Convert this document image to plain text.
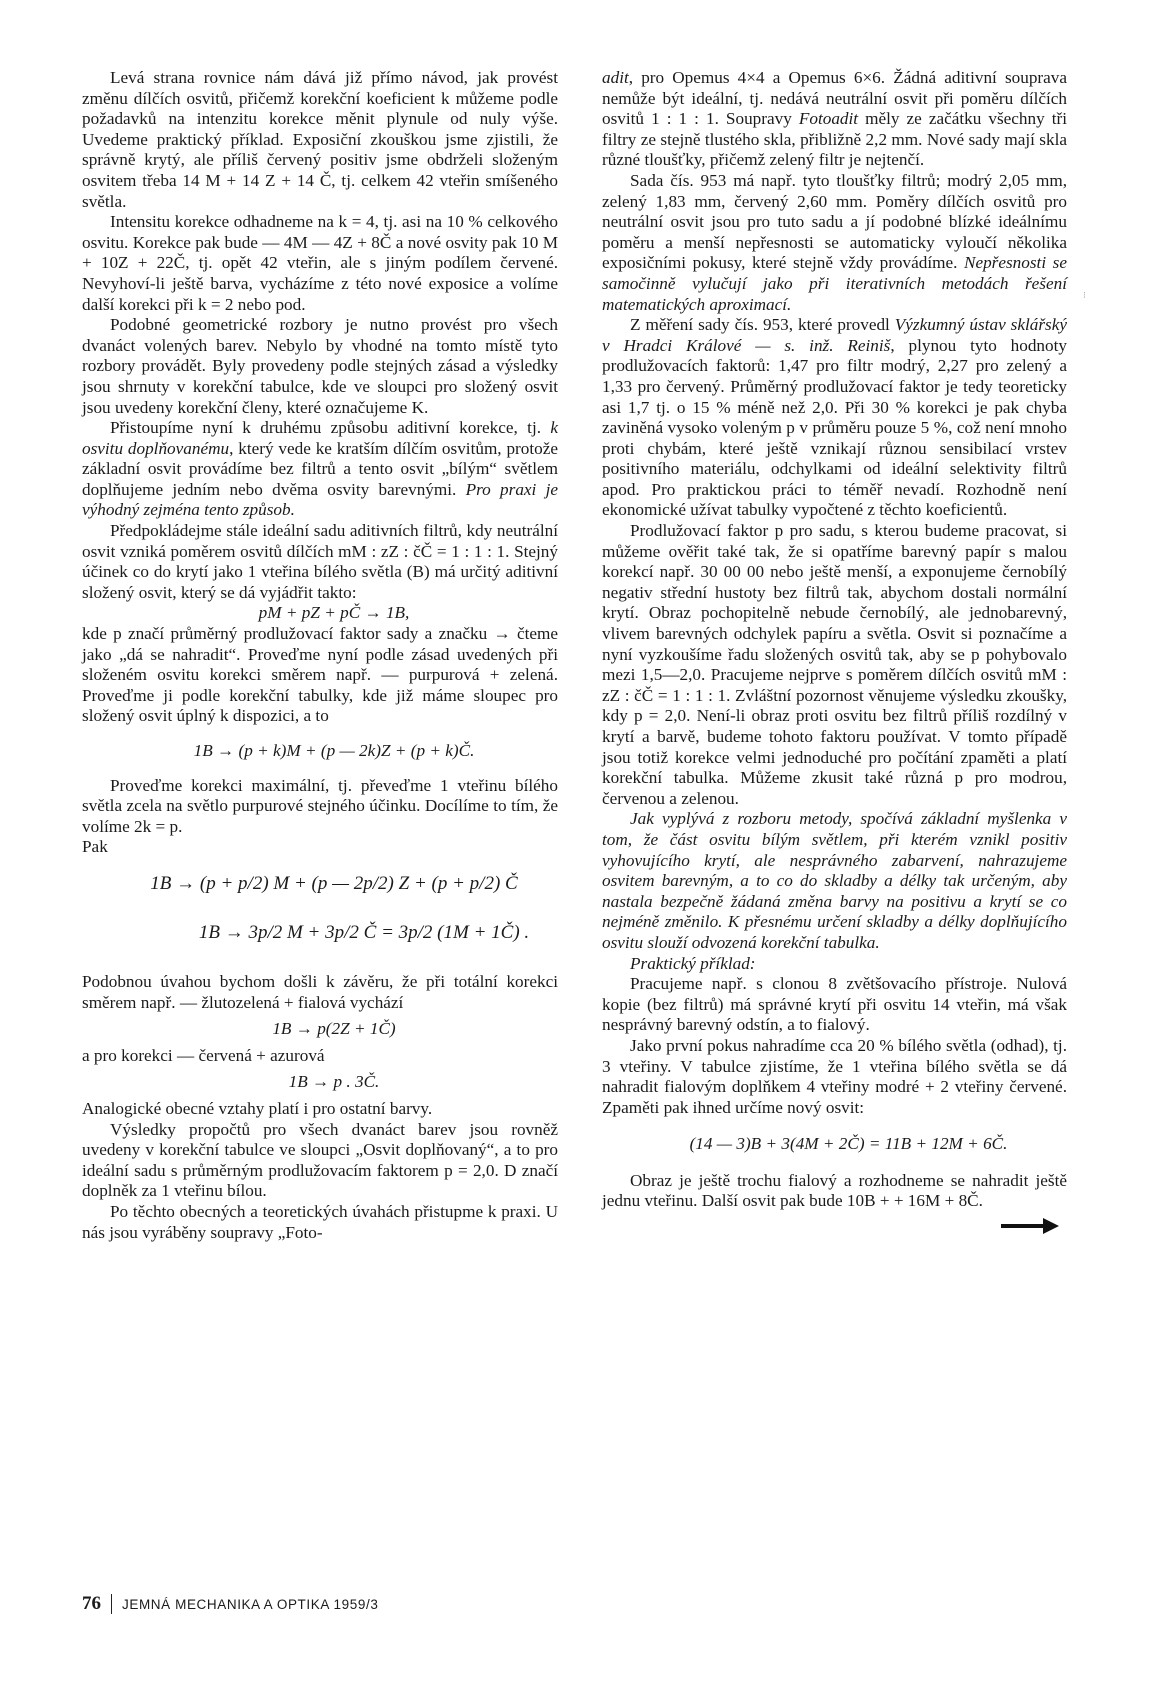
Levá strana rovnice nám dává již přímo návod, jak provést změnu dílčích osvitů, přičemž korekční koeficient k můžeme podle požadavků na intenzitu korekce měnit plynule od nuly výše. Uvedeme praktický příklad. Exposiční zkouškou jsme zjistili, že správně krytý, ale příliš červený positiv jsme obdrželi složeným osvitem třeba 14 M + 14 Z + 14 Č, tj. celkem 42 vteřin smíšeného světla.

Intensitu korekce odhadneme na k = 4, tj. asi na 10 % celkového osvitu. Korekce pak bude — 4M — 4Z + 8Č a nové osvity pak 10 M + 10Z + 22Č, tj. opět 42 vteřin, ale s jiným podílem červené. Nevyhoví-li ještě barva, vycházíme z této nové exposice a volíme další korekci při k = 2 nebo pod.

Podobné geometrické rozbory je nutno provést pro všech dvanáct volených barev. Nebylo by vhodné na tomto místě tyto rozbory provádět. Byly provedeny podle stejných zásad a výsledky jsou shrnuty v korekční tabulce, kde ve sloupci pro složený osvit jsou uvedeny korekční členy, které označujeme K.

Přistoupíme nyní k druhému způsobu aditivní korekce, tj. k osvitu doplňovanému, který vede ke kratším dílčím osvitům, protože základní osvit provádíme bez filtrů a tento osvit „bílým“ světlem doplňujeme jedním nebo dvěma osvity barevnými. Pro praxi je výhodný zejména tento způsob.

Předpokládejme stále ideální sadu aditivních filtrů, kdy neutrální osvit vzniká poměrem osvitů dílčích mM : zZ : čČ = 1 : 1 : 1. Stejný účinek co do krytí jako 1 vteřina bílého světla (B) má určitý aditivní složený osvit, který se dá vyjádřit takto:

pM + pZ + pČ → 1B,

kde p značí průměrný prodlužovací faktor sady a značku → čteme jako „dá se nahradit“. Proveďme nyní podle zásad uvedených při složeném osvitu korekci směrem např. — purpurová + zelená. Proveďme ji podle korekční tabulky, kde již máme sloupec pro složený osvit úplný k dispozici, a to

1B → (p + k)M + (p — 2k)Z + (p + k)Č.

Proveďme korekci maximální, tj. převeďme 1 vteřinu bílého světla zcela na světlo purpurové stejného účinku. Docílíme to tím, že volíme 2k = p.

Pak

1B → (p + p/2) M + (p — 2p/2) Z + (p + p/2) Č

1B → 3p/2 M + 3p/2 Č = 3p/2 (1M + 1Č) .

Podobnou úvahou bychom došli k závěru, že při totální korekci směrem např. — žlutozelená + fialová vychází

1B → p(2Z + 1Č)

a pro korekci — červená + azurová

1B → p . 3Č.

Analogické obecné vztahy platí i pro ostatní barvy.

Výsledky propočtů pro všech dvanáct barev jsou rovněž uvedeny v korekční tabulce ve sloupci „Osvit doplňovaný“, a to pro ideální sadu s průměrným prodlužovacím faktorem p = 2,0. D značí doplněk za 1 vteřinu bílou.

Po těchto obecných a teoretických úvahách přistupme k praxi. U nás jsou vyráběny soupravy „Foto-

adit, pro Opemus 4×4 a Opemus 6×6. Žádná aditivní souprava nemůže být ideální, tj. nedává neutrální osvit při poměru dílčích osvitů 1 : 1 : 1. Soupravy Fotoadit měly ze začátku všechny tři filtry ze stejně tlustého skla, přibližně 2,2 mm. Nové sady mají skla různé tloušťky, přičemž zelený filtr je nejtenčí.

Sada čís. 953 má např. tyto tloušťky filtrů; modrý 2,05 mm, zelený 1,83 mm, červený 2,60 mm. Poměry dílčích osvitů pro neutrální osvit jsou pro tuto sadu a jí podobné blízké ideálnímu poměru a menší nepřesnosti se automaticky vyloučí několika exposičními pokusy, které stejně vždy provádíme. Nepřesnosti se samočinně vylučují jako při iterativních metodách řešení matematických aproximací.

Z měření sady čís. 953, které provedl Výzkumný ústav sklářský v Hradci Králové — s. inž. Reiniš, plynou tyto hodnoty prodlužovacích faktorů: 1,47 pro filtr modrý, 2,27 pro zelený a 1,33 pro červený. Průměrný prodlužovací faktor je tedy teoreticky asi 1,7 tj. o 15 % méně než 2,0. Při 30 % korekci je pak chyba zaviněná vysoko voleným p v průměru pouze 5 %, což není mnoho proti chybám, které ještě vznikají různou sensibilací vrstev positivního materiálu, odchylkami od ideální selektivity filtrů apod. Pro praktickou práci to téměř nevadí. Rozhodně není ekonomické užívat tabulky vypočtené z těchto koeficientů.

Prodlužovací faktor p pro sadu, s kterou budeme pracovat, si můžeme ověřit také tak, že si opatříme barevný papír s malou korekcí např. 30 00 00 nebo ještě menší, a exponujeme černobílý negativ střední hustoty bez filtrů tak, abychom dostali normální krytí. Obraz pochopitelně nebude černobílý, ale jednobarevný, vlivem barevných odchylek papíru a světla. Osvit si poznačíme a nyní vyzkoušíme řadu složených osvitů tak, aby se p pohybovalo mezi 1,5—2,0. Pracujeme nejprve s poměrem dílčích osvitů mM : zZ : čČ = 1 : 1 : 1. Zvláštní pozornost věnujeme výsledku zkoušky, kdy p = 2,0. Není-li obraz proti osvitu bez filtrů příliš rozdílný v krytí a barvě, budeme tohoto faktoru používat. V tomto případě jsou totiž korekce velmi jednoduché pro počítání zpaměti a platí korekční tabulka. Můžeme zkusit také různá p pro modrou, červenou a zelenou.

Jak vyplývá z rozboru metody, spočívá základní myšlenka v tom, že část osvitu bílým světlem, při kterém vznikl positiv vyhovujícího krytí, ale nesprávného zabarvení, nahrazujeme osvitem barevným, a to co do skladby a délky tak určeným, aby nastala bezpečně žádaná změna barvy na positivu a krytí se co nejméně změnilo. K přesnému určení skladby a délky doplňujícího osvitu slouží odvozená korekční tabulka.

Praktický příklad:

Pracujeme např. s clonou 8 zvětšovacího přístroje. Nulová kopie (bez filtrů) má správné krytí při osvitu 14 vteřin, má však nesprávný barevný odstín, a to fialový.

Jako první pokus nahradíme cca 20 % bílého světla (odhad), tj. 3 vteřiny. V tabulce zjistíme, že 1 vteřina bílého světla se dá nahradit fialovým doplňkem 4 vteřiny modré + 2 vteřiny červené. Zpaměti pak ihned určíme nový osvit:

(14 — 3)B + 3(4M + 2Č) = 11B + 12M + 6Č.

Obraz je ještě trochu fialový a rozhodneme se nahradit ještě jednu vteřinu. Další osvit pak bude 10B + + 16M + 8Č.

⁝
76 JEMNÁ MECHANIKA A OPTIKA 1959/3
